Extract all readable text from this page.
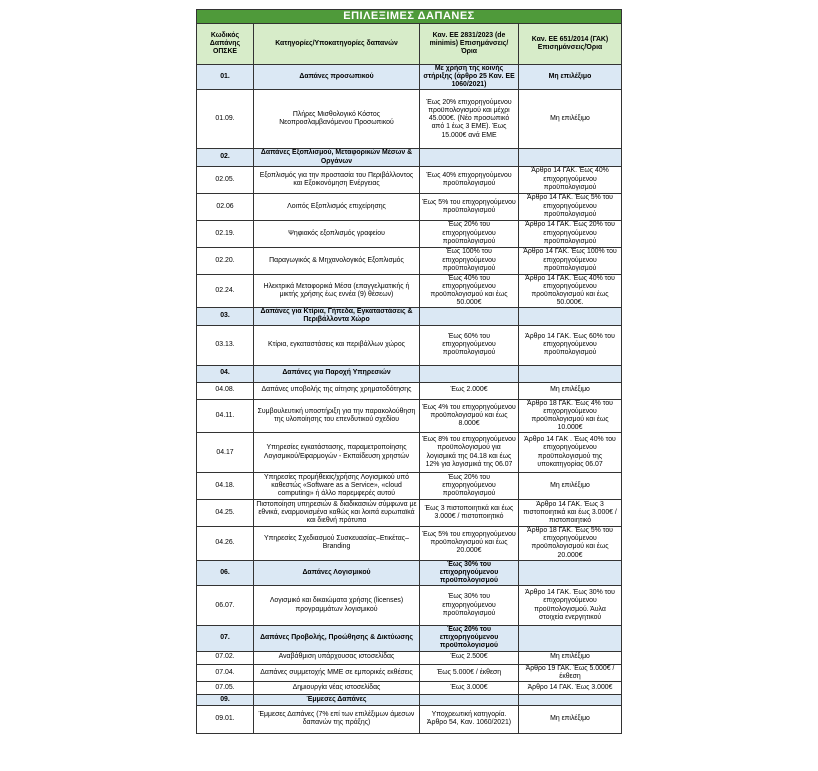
ΕΠΙΛΕΞΙΜΕΣ ΔΑΠΑΝΕΣ			
Κωδικός Δαπάνης ΟΠΣΚΕ	Κατηγορίες/Υποκατηγορίες δαπανών	Καν. ΕΕ 2831/2023 (de minimis) Επισημάνσεις/Όρια	Καν. ΕΕ 651/2014 (ΓΑΚ) Επισημάνσεις/Όρια
01.	Δαπάνες προσωπικού	Με χρήση της κοινής στήριξης (άρθρο 25 Καν. ΕΕ 1060/2021)	Μη επιλέξιμο
01.09.	Πλήρες Μισθολογικό Κόστος Νεοπροσλαμβανόμενου Προσωπικού	Έως 20% επιχορηγούμενου προϋπολογισμού και μέχρι 45.000€. (Νέο προσωπικό από 1 έως 3 ΕΜΕ). Έως 15.000€ ανά ΕΜΕ	Μη επιλέξιμο
02.	Δαπάνες Εξοπλισμού, Μεταφορικών Μέσων & Οργάνων		
02.05.	Εξοπλισμός για την προστασία του Περιβάλλοντος και Εξοικονόμηση Ενέργειας	Έως 40% επιχορηγούμενου προϋπολογισμού	Άρθρο 14 ΓΑΚ. Έως 40% επιχορηγούμενου προϋπολογισμού
02.06	Λοιπός Εξοπλισμός επιχείρησης	Έως 5% του επιχορηγούμενου προϋπολογισμού	Άρθρο 14 ΓΑΚ. Έως 5% του επιχορηγούμενου προϋπολογισμού
02.19.	Ψηφιακός εξοπλισμός γραφείου	Έως 20% του επιχορηγούμενου προϋπολογισμού	Άρθρο 14 ΓΑΚ. Έως 20% του επιχορηγούμενου προϋπολογισμού
02.20.	Παραγωγικός & Μηχανολογικός Εξοπλισμός	Έως 100% του επιχορηγούμενου προϋπολογισμού	Άρθρο 14 ΓΑΚ. Έως 100% του επιχορηγούμενου προϋπολογισμού
02.24.	Ηλεκτρικά Μεταφορικά Μέσα (επαγγελματικής ή μικτής χρήσης έως εννέα (9) θέσεων)	Έως 40% του επιχορηγούμενου προϋπολογισμού και έως 50.000€	Άρθρο 14 ΓΑΚ. Έως 40% του επιχορηγούμενου προϋπολογισμού και έως 50.000€.
03.	Δαπάνες για Κτίρια, Γήπεδα, Εγκαταστάσεις & Περιβάλλοντα Χώρο		
03.13.	Κτίρια, εγκαταστάσεις και περιβάλλων χώρος	Έως 60% του επιχορηγούμενου προϋπολογισμού	Άρθρο 14 ΓΑΚ. Έως 60% του επιχορηγούμενου προϋπολογισμού
04.	Δαπάνες για Παροχή Υπηρεσιών		
04.08.	Δαπάνες υποβολής της αίτησης χρηματοδότησης	Έως 2.000€	Μη επιλέξιμο
04.11.	Συμβουλευτική υποστήριξη για την παρακολούθηση της υλοποίησης του επενδυτικού σχεδίου	Έως 4% του επιχορηγούμενου προϋπολογισμού και έως 8.000€	Άρθρο 18 ΓΑΚ. Έως 4% του επιχορηγούμενου προϋπολογισμού και έως 10.000€
04.17	Υπηρεσίες εγκατάστασης, παραμετροποίησης Λογισμικού/Εφαρμογών - Εκπαίδευση χρηστών	Έως 8% του επιχορηγούμενου προϋπολογισμού για λογισμικά της 04.18 και έως 12% για λογισμικά της 06.07	Άρθρο 14 ΓΑΚ . Έως 40% του επιχορηγούμενου προϋπολογισμού της υποκατηγορίας 06.07
04.18.	Υπηρεσίες προμήθειας/χρήσης Λογισμικού υπό καθεστώς «Software as a Service», «cloud computing» ή άλλο παρεμφερές αυτού	Έως 20% του επιχορηγούμενου προϋπολογισμού	Μη επιλέξιμο
04.25.	Πιστοποίηση υπηρεσιών & διαδικασιών σύμφωνα με εθνικά, εναρμονισμένα καθώς και λοιπά ευρωπαϊκά και διεθνή πρότυπα	Έως 3 πιστοποιητικά και έως 3.000€ / πιστοποιητικό	Άρθρο 14 ΓΑΚ. Έως 3 πιστοποιητικά και έως 3.000€ / πιστοποιητικό
04.26.	Υπηρεσίες Σχεδιασμού Συσκευασίας–Ετικέτας–Branding	Έως 5% του επιχορηγούμενου προϋπολογισμού και έως 20.000€	Άρθρο 18 ΓΑΚ. Έως 5% του επιχορηγούμενου προϋπολογισμού και έως 20.000€
06.	Δαπάνες Λογισμικού	Έως 30% του επιχορηγούμενου προϋπολογισμού	
06.07.	Λογισμικό και δικαιώματα χρήσης (licenses) προγραμμάτων λογισμικού	Έως 30% του επιχορηγούμενου προϋπολογισμού	Άρθρο 14 ΓΑΚ. Έως 30% του επιχορηγούμενου προϋπολογισμού. Άυλα στοιχεία ενεργητικού
07.	Δαπάνες Προβολής, Προώθησης & Δικτύωσης	Έως 20% του επιχορηγούμενου προϋπολογισμού	
07.02.	Αναβάθμιση υπάρχουσας ιστοσελίδας	Έως 2.500€	Μη επιλέξιμο
07.04.	Δαπάνες συμμετοχής ΜΜΕ σε εμπορικές εκθέσεις	Έως 5.000€ / έκθεση	Άρθρο 19 ΓΑΚ. Έως 5.000€ / έκθεση
07.05.	Δημιουργία νέας ιστοσελίδας	Έως 3.000€	Άρθρο 14 ΓΑΚ. Έως 3.000€
09.	Έμμεσες Δαπάνες		
09.01.	Έμμεσες Δαπάνες (7% επί των επιλέξιμων άμεσων δαπανών της πράξης)	Υποχρεωτική κατηγορία. Άρθρο 54, Καν. 1060/2021)	Μη επιλέξιμο
